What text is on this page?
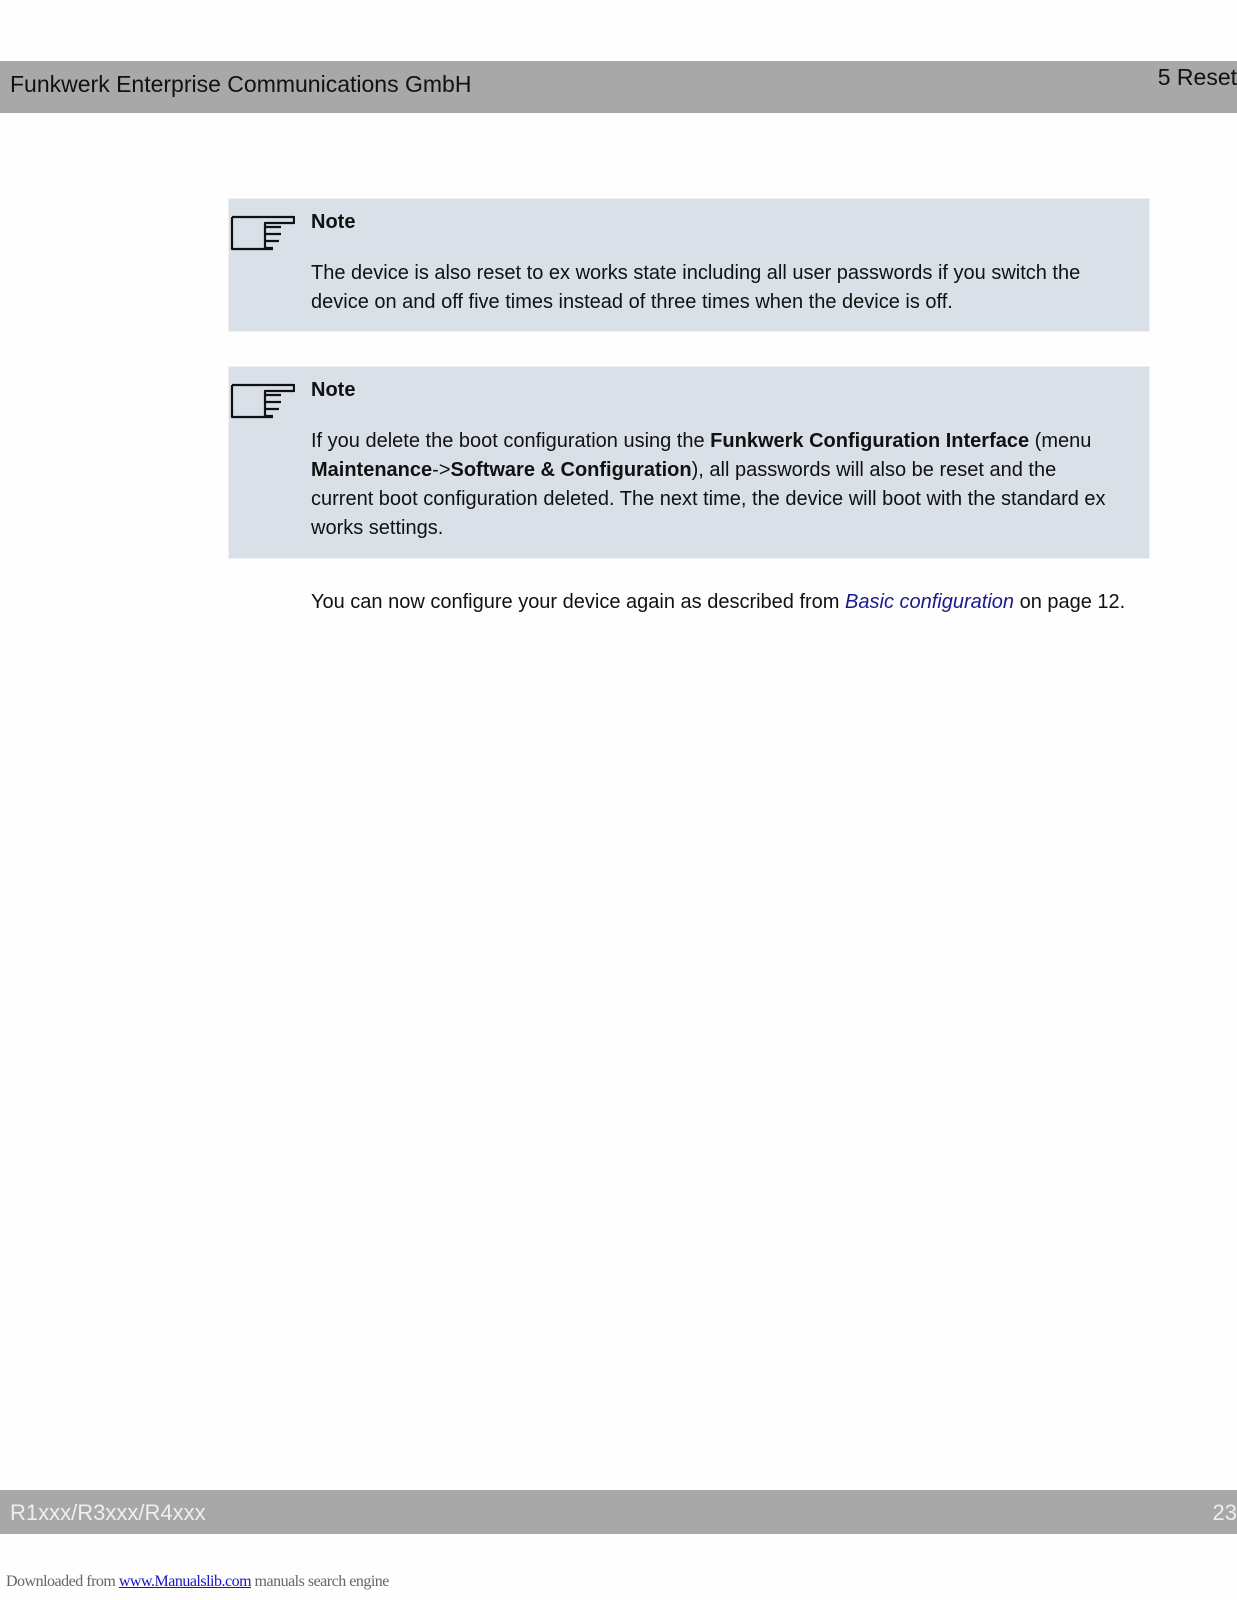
Funkwerk Enterprise Communications GmbH	5 Reset
Note
The device is also reset to ex works state including all user passwords if you switch the device on and off five times instead of three times when the device is off.
Note
If you delete the boot configuration using the Funkwerk Configuration Interface (menu Maintenance->Software & Configuration), all passwords will also be reset and the current boot configuration deleted. The next time, the device will boot with the standard ex works settings.
You can now configure your device again as described from Basic configuration on page 12.
R1xxx/R3xxx/R4xxx	23
Downloaded from www.Manualslib.com manuals search engine
